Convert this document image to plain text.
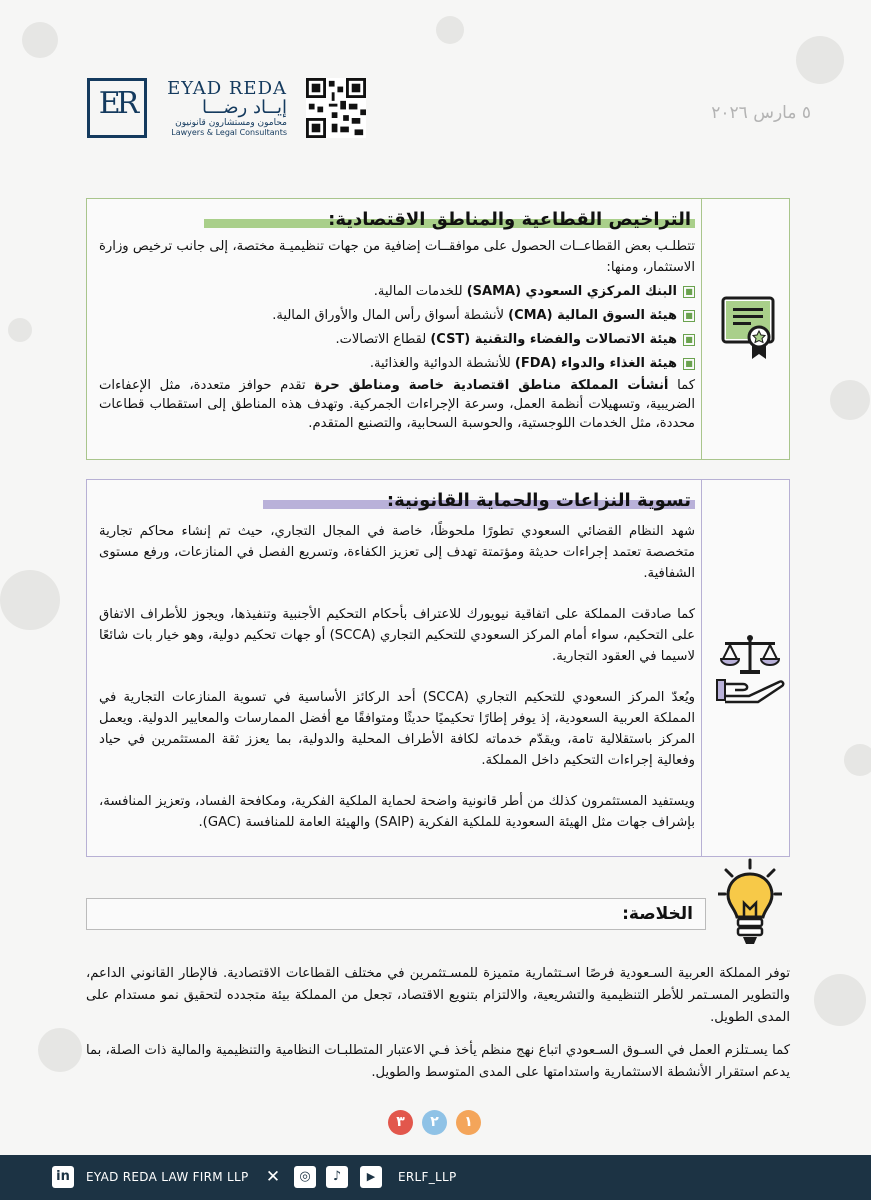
ER	EYAD REDA
إيــاد رضـــا
محامون ومستشارون قانونيون
Lawyers & Legal Consultants
٥ مارس ٢٠٢٦
التراخيص القطاعية والمناطق الاقتصادية:
تتطلـب بعض القطاعــات الحصول على موافقــات إضافية من جهات تنظيميـة مختصة، إلى جانب ترخيص وزارة الاستثمار، ومنها:
■
البنك المركزي السعودي (SAMA) للخدمات المالية.
■
هيئة السوق المالية (CMA) لأنشطة أسواق رأس المال والأوراق المالية.
■
هيئة الاتصالات والفضاء والتقنية (CST) لقطاع الاتصالات.
■
هيئة الغذاء والدواء (FDA) للأنشطة الدوائية والغذائية.
كما أنشأت المملكة مناطق اقتصادية خاصة ومناطق حرة تقدم حوافز متعددة، مثل الإعفاءات الضريبية، وتسهيلات أنظمة العمل، وسرعة الإجراءات الجمركية. وتهدف هذه المناطق إلى استقطاب قطاعات محددة، مثل الخدمات اللوجستية، والحوسبة السحابية، والتصنيع المتقدم.
تسوية النزاعات والحماية القانونية:
شهد النظام القضائي السعودي تطورًا ملحوظًا، خاصة في المجال التجاري، حيث تم إنشاء محاكم تجارية متخصصة تعتمد إجراءات حديثة ومؤتمتة تهدف إلى تعزيز الكفاءة، وتسريع الفصل في المنازعات، ورفع مستوى الشفافية.
كما صادقت المملكة على اتفاقية نيويورك للاعتراف بأحكام التحكيم الأجنبية وتنفيذها، ويجوز للأطراف الاتفاق على التحكيم، سواء أمام المركز السعودي للتحكيم التجاري (SCCA) أو جهات تحكيم دولية، وهو خيار بات شائعًا لاسيما في العقود التجارية.
ويُعدّ المركز السعودي للتحكيم التجاري (SCCA) أحد الركائز الأساسية في تسوية المنازعات التجارية في المملكة العربية السعودية، إذ يوفر إطارًا تحكيميًا حديثًا ومتوافقًا مع أفضل الممارسات والمعايير الدولية. ويعمل المركز باستقلالية تامة، ويقدّم خدماته لكافة الأطراف المحلية والدولية، بما يعزز ثقة المستثمرين في حياد وفعالية إجراءات التحكيم داخل المملكة.
ويستفيد المستثمرون كذلك من أطر قانونية واضحة لحماية الملكية الفكرية، ومكافحة الفساد، وتعزيز المنافسة، بإشراف جهات مثل الهيئة السعودية للملكية الفكرية (SAIP) والهيئة العامة للمنافسة (GAC).
الخلاصة:
توفر المملكة العربية السـعودية فرصًا اسـتثمارية متميزة للمسـتثمرين في مختلف القطاعات الاقتصادية. فالإطار القانوني الداعم، والتطوير المسـتمر للأطر التنظيمية والتشريعية، والالتزام بتنويع الاقتصاد، تجعل من المملكة بيئة متجدده لتحقيق نمو مستدام على المدى الطويل.
كما يسـتلزم العمل في السـوق السـعودي اتباع نهج منظم يأخذ فـي الاعتبار المتطلبـات النظامية والتنظيمية والمالية ذات الصلة، بما يدعم استقرار الأنشطة الاستثمارية واستدامتها على المدى المتوسط والطويل.
٣	٢	١
in	EYAD REDA LAW FIRM LLP ✕	◎	♪	▶	ERLF_LLP
